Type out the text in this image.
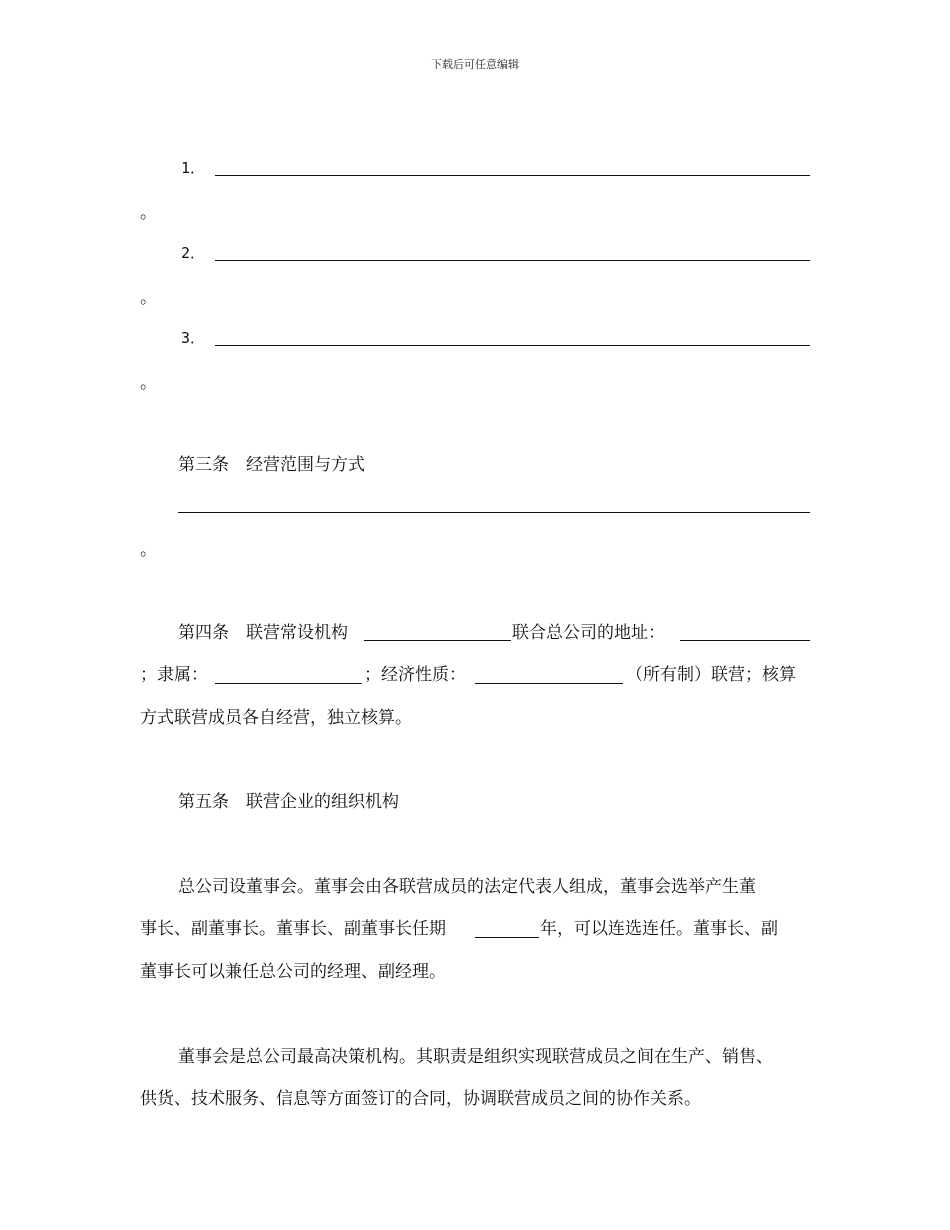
下载后可任意编辑
1．
。
2．
。
3．
。
第三条　经营范围与方式
。
第四条　联营常设机构	联合总公司的地址：
；隶属：	；经济性质：	（所有制）联营；核算
方式联营成员各自经营，独立核算。
第五条　联营企业的组织机构
总公司设董事会。董事会由各联营成员的法定代表人组成，董事会选举产生董
事长、副董事长。董事长、副董事长任期	年，可以连选连任。董事长、副
董事长可以兼任总公司的经理、副经理。
董事会是总公司最高决策机构。其职责是组织实现联营成员之间在生产、销售、
供货、技术服务、信息等方面签订的合同，协调联营成员之间的协作关系。
